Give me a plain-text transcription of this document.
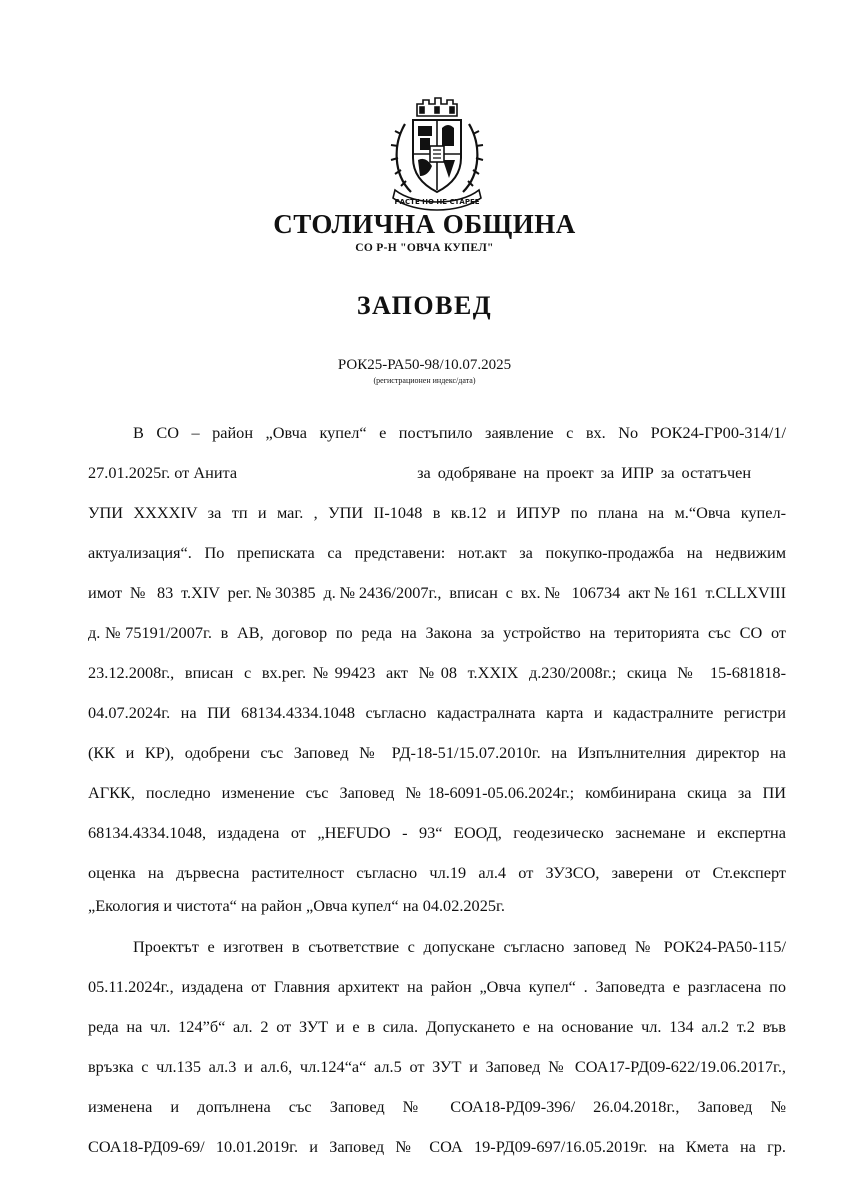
РАСТЕ НО НЕ СТАРЕЕ
СТОЛИЧНА ОБЩИНА
СО Р-Н "ОВЧА КУПЕЛ"
ЗАПОВЕД
РОК25-РА50-98/10.07.2025
(регистрационен индекс/дата)
В СО – район „Овча купел“ е постъпило заявление с вх. No РОК24-ГР00-314/1/
27.01.2025г. от Анита	за одобряване на проект за ИПР за остатъчен
УПИ XXXXIV за тп и маг. , УПИ II-1048 в кв.12 и ИПУР по плана на м.“Овча купел-
актуализация“. По преписката са представени: нот.акт за покупко-продажба на недвижим
имот № 83 т.XIV рег.№30385 д.№2436/2007г., вписан с вх.№ 106734 акт№161 т.CLLXVIII
д.№75191/2007г. в АВ, договор по реда на Закона за устройство на територията със СО от
23.12.2008г., вписан с вх.рег.№99423 акт №08 т.XXIX д.230/2008г.; скица № 15-681818-
04.07.2024г. на ПИ 68134.4334.1048 съгласно кадастралната карта и кадастралните регистри
(КК и КР), одобрени със Заповед № РД-18-51/15.07.2010г. на Изпълнителния директор на
АГКК, последно изменение със Заповед №18-6091-05.06.2024г.; комбинирана скица за ПИ
68134.4334.1048, издадена от „HEFUDO - 93“ ЕООД, геодезическо заснемане и експертна
оценка на дървесна растителност съгласно чл.19 ал.4 от ЗУЗСО, заверени от Ст.експерт
„Екология и чистота“ на район „Овча купел“ на 04.02.2025г.
Проектът е изготвен в съответствие с допускане съгласно заповед № РОК24-РА50-115/
05.11.2024г., издадена от Главния архитект на район „Овча купел“ . Заповедта е разгласена по
реда на чл. 124”б“ ал. 2 от ЗУТ и е в сила. Допускането е на основание чл. 134 ал.2 т.2 във
връзка с чл.135 ал.3 и ал.6, чл.124“а“ ал.5 от ЗУТ и Заповед № СОА17-РД09-622/19.06.2017г.,
изменена и допълнена със Заповед № СОА18-РД09-396/ 26.04.2018г., Заповед №
СОА18-РД09-69/ 10.01.2019г. и Заповед № СОА 19-РД09-697/16.05.2019г. на Кмета на гр.
